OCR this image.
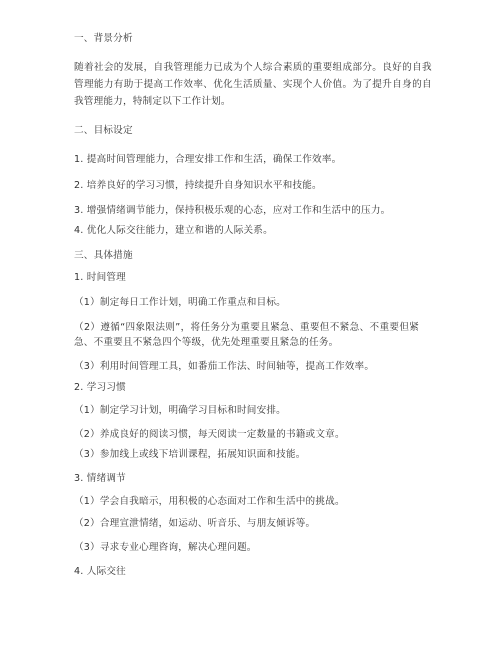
一、背景分析
随着社会的发展，自我管理能力已成为个人综合素质的重要组成部分。良好的自我
管理能力有助于提高工作效率、优化生活质量、实现个人价值。为了提升自身的自
我管理能力，特制定以下工作计划。
二、目标设定
1. 提高时间管理能力，合理安排工作和生活，确保工作效率。
2. 培养良好的学习习惯，持续提升自身知识水平和技能。
3. 增强情绪调节能力，保持积极乐观的心态，应对工作和生活中的压力。
4. 优化人际交往能力，建立和谐的人际关系。
三、具体措施
1. 时间管理
（1）制定每日工作计划，明确工作重点和目标。
（2）遵循“四象限法则”，将任务分为重要且紧急、重要但不紧急、不重要但紧
急、不重要且不紧急四个等级，优先处理重要且紧急的任务。
（3）利用时间管理工具，如番茄工作法、时间轴等，提高工作效率。
2. 学习习惯
（1）制定学习计划，明确学习目标和时间安排。
（2）养成良好的阅读习惯，每天阅读一定数量的书籍或文章。
（3）参加线上或线下培训课程，拓展知识面和技能。
3. 情绪调节
（1）学会自我暗示，用积极的心态面对工作和生活中的挑战。
（2）合理宣泄情绪，如运动、听音乐、与朋友倾诉等。
（3）寻求专业心理咨询，解决心理问题。
4. 人际交往
